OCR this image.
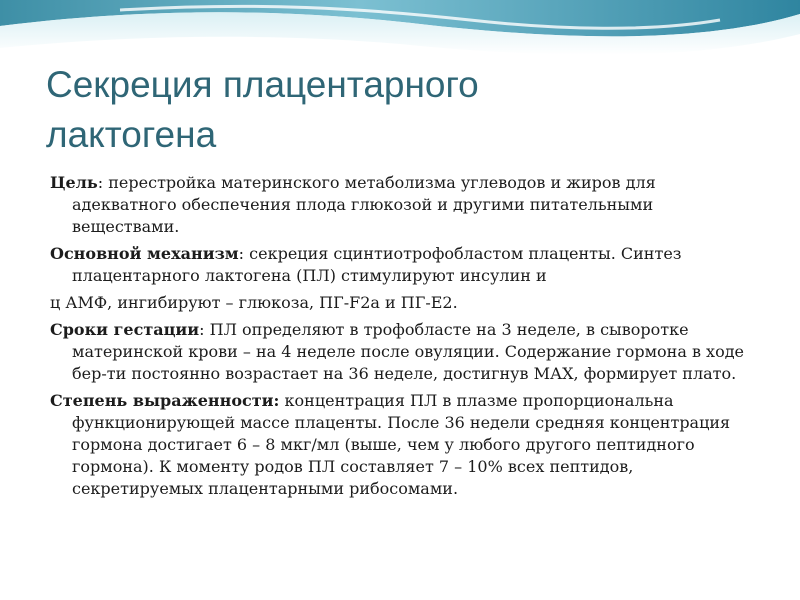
Секреция плацентарного
лактогена

Цель: перестройка материнского метаболизма углеводов и жиров для адекватного обеспечения плода глюкозой и другими питательными веществами.

Основной механизм: секреция сцинтиотрофобластом плаценты. Синтез плацентарного лактогена (ПЛ) стимулируют инсулин и

ц АМФ, ингибируют – глюкоза, ПГ-F2a и ПГ-E2.

Сроки гестации: ПЛ определяют в трофобласте на 3 неделе, в сыворотке материнской крови – на 4 неделе после овуляции. Содержание гормона в ходе бер-ти постоянно возрастает на 36 неделе, достигнув МАХ, формирует плато.

Степень выраженности: концентрация ПЛ в плазме пропорциональна функционирующей массе плаценты. После 36 недели средняя концентрация гормона достигает 6 – 8 мкг/мл (выше, чем у любого другого пептидного гормона). К моменту родов ПЛ составляет 7 – 10% всех пептидов, секретируемых плацентарными рибосомами.
